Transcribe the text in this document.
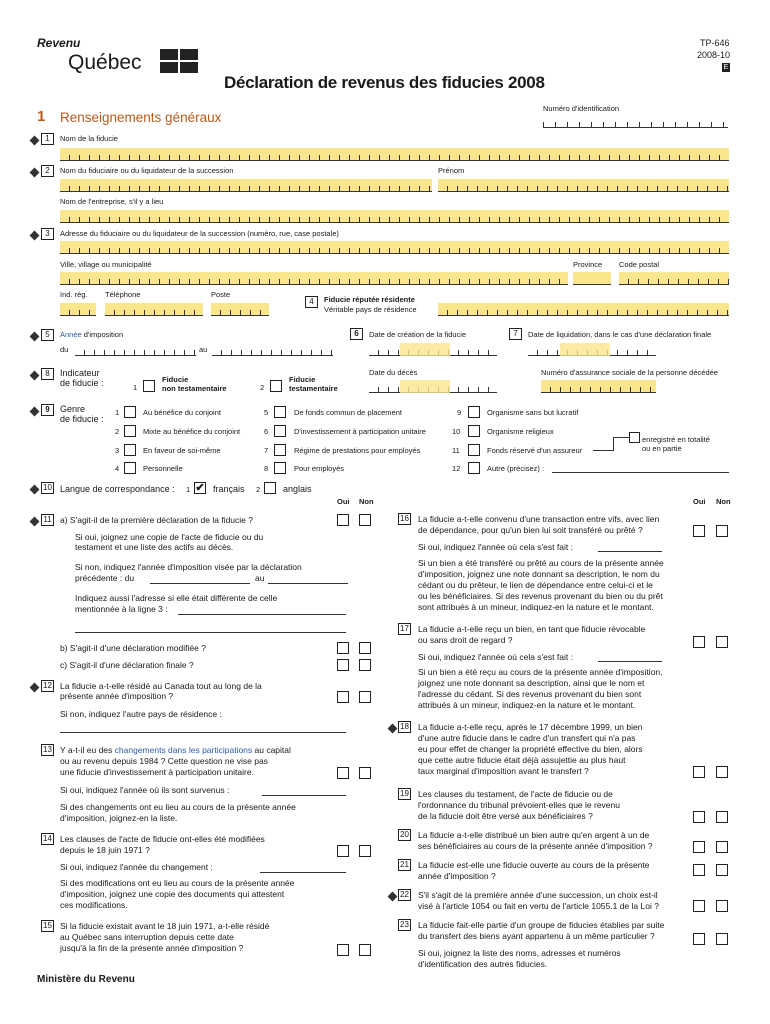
Revenu
Québec
TP-646
2008-10
E
Déclaration de revenus des fiducies 2008
Numéro d'identification
1 Renseignements généraux
1	Nom de la fiducie
2	Nom du fiduciaire ou du liquidateur de la succession	Prénom
Nom de l'entreprise, s'il y a lieu
3	Adresse du fiduciaire ou du liquidateur de la succession (numéro, rue, case postale)
Ville, village ou municipalité	Province Code postal
Ind. rég. Téléphone	Poste
4	Fiducie réputée résidente
Véritable pays de résidence
5	Année d'imposition
du	au
6	Date de création de la fiducie	7	Date de liquidation, dans le cas d'une déclaration finale
8	Indicateur
de fiducie :	1
Fiducie
non testamentaire	2
Fiducie
testamentaire
Date du décès	Numéro d'assurance sociale de la personne décédée
9	Genre
de fiducie :
1	Au bénéfice du conjoint
2	Mixte au bénéfice du conjoint
3	En faveur de soi-même
4	Personnelle
5	De fonds commun de placement
6	D'investissement à participation unitaire
7	Régime de prestations pour employés
8	Pour employés
9	Organisme sans but lucratif
10	Organisme religieux
11	Fonds réservé d'un assureur
enregistré en totalité
ou en partie
12	Autre (précisez) :
10 Langue de correspondance : 1 ✔ français 2	anglais
Oui Non	Oui Non
11 a) S'agit-il de la première déclaration de la fiducie ?
Si oui, joignez une copie de l'acte de fiducie ou du
testament et une liste des actifs au décès.
Si non, indiquez l'année d'imposition visée par la déclaration
précédente : du	au
Indiquez aussi l'adresse si elle était différente de celle
mentionnée à la ligne 3 :
b) S'agit-il d'une déclaration modifiée ?
c) S'agit-il d'une déclaration finale ?
12 La fiducie a-t-elle résidé au Canada tout au long de la
présente année d'imposition ?
Si non, indiquez l'autre pays de résidence :
13 Y a-t-il eu des changements dans les participations au capital
ou au revenu depuis 1984 ? Cette question ne vise pas
une fiducie d'investissement à participation unitaire.
Si oui, indiquez l'année où ils sont survenus :
Si des changements ont eu lieu au cours de la présente année
d'imposition, joignez-en la liste.
14 Les clauses de l'acte de fiducie ont-elles été modifiées
depuis le 18 juin 1971 ?
Si oui, indiquez l'année du changement :
Si des modifications ont eu lieu au cours de la présente année
d'imposition, joignez une copie des documents qui attestent
ces modifications.
15 Si la fiducie existait avant le 18 juin 1971, a-t-elle résidé
au Québec sans interruption depuis cette date
jusqu'à la fin de la présente année d'imposition ?
16 La fiducie a-t-elle convenu d'une transaction entre vifs, avec lien
de dépendance, pour qu'un bien lui soit transféré ou prêté ?
Si oui, indiquez l'année où cela s'est fait :
Si un bien a été transféré ou prêté au cours de la présente année
d'imposition, joignez une note donnant sa description, le nom du
cédant ou du prêteur, le lien de dépendance entre celui-ci et le
ou les bénéficiaires. Si des revenus provenant du bien ou du prêt
sont attribués à un mineur, indiquez-en la nature et le montant.
17 La fiducie a-t-elle reçu un bien, en tant que fiducie révocable
ou sans droit de regard ?
Si oui, indiquez l'année où cela s'est fait :
Si un bien a été reçu au cours de la présente année d'imposition,
joignez une note donnant sa description, ainsi que le nom et
l'adresse du cédant. Si des revenus provenant du bien sont
attribués à un mineur, indiquez-en la nature et le montant.
18 La fiducie a-t-elle reçu, après le 17 décembre 1999, un bien
d'une autre fiducie dans le cadre d'un transfert qui n'a pas
eu pour effet de changer la propriété effective du bien, alors
que cette autre fiducie était déjà assujettie au plus haut
taux marginal d'imposition avant le transfert ?
19 Les clauses du testament, de l'acte de fiducie ou de
l'ordonnance du tribunal prévoient-elles que le revenu
de la fiducie doit être versé aux bénéficiaires ?
20 La fiducie a-t-elle distribué un bien autre qu'en argent à un de
ses bénéficiaires au cours de la présente année d'imposition ?
21 La fiducie est-elle une fiducie ouverte au cours de la présente
année d'imposition ?
22 S'il s'agit de la première année d'une succession, un choix est-il
visé à l'article 1054 ou fait en vertu de l'article 1055.1 de la Loi ?
23 La fiducie fait-elle partie d'un groupe de fiducies établies par suite
du transfert des biens ayant appartenu à un même particulier ?
Si oui, joignez la liste des noms, adresses et numéros
d'identification des autres fiducies.
Ministère du Revenu
